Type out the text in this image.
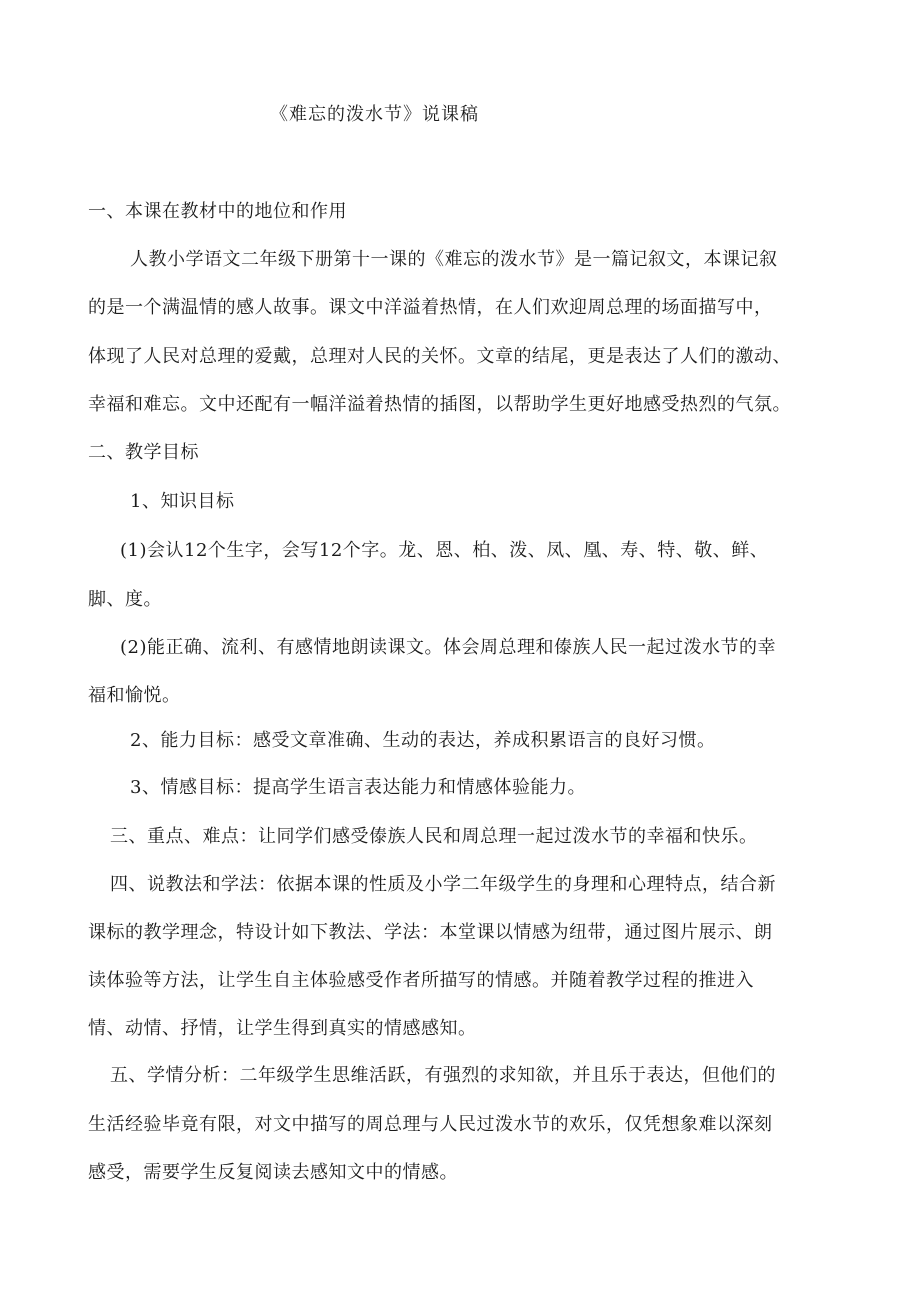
《难忘的泼水节》说课稿
一、本课在教材中的地位和作用
人教小学语文二年级下册第十一课的《难忘的泼水节》是一篇记叙文，本课记叙
的是一个满温情的感人故事。课文中洋溢着热情，在人们欢迎周总理的场面描写中，
体现了人民对总理的爱戴，总理对人民的关怀。文章的结尾，更是表达了人们的激动、
幸福和难忘。文中还配有一幅洋溢着热情的插图，以帮助学生更好地感受热烈的气氛。
二、教学目标
1、知识目标
(1)会认12个生字，会写12个字。龙、恩、柏、泼、凤、凰、寿、特、敬、鲜、
脚、度。
(2)能正确、流利、有感情地朗读课文。体会周总理和傣族人民一起过泼水节的幸
福和愉悦。
2、能力目标：感受文章准确、生动的表达，养成积累语言的良好习惯。
3、情感目标：提高学生语言表达能力和情感体验能力。
三、重点、难点：让同学们感受傣族人民和周总理一起过泼水节的幸福和快乐。
四、说教法和学法：依据本课的性质及小学二年级学生的身理和心理特点，结合新
课标的教学理念，特设计如下教法、学法：本堂课以情感为纽带，通过图片展示、朗
读体验等方法，让学生自主体验感受作者所描写的情感。并随着教学过程的推进入
情、动情、抒情，让学生得到真实的情感感知。
五、学情分析：二年级学生思维活跃，有强烈的求知欲，并且乐于表达，但他们的
生活经验毕竟有限，对文中描写的周总理与人民过泼水节的欢乐，仅凭想象难以深刻
感受，需要学生反复阅读去感知文中的情感。
